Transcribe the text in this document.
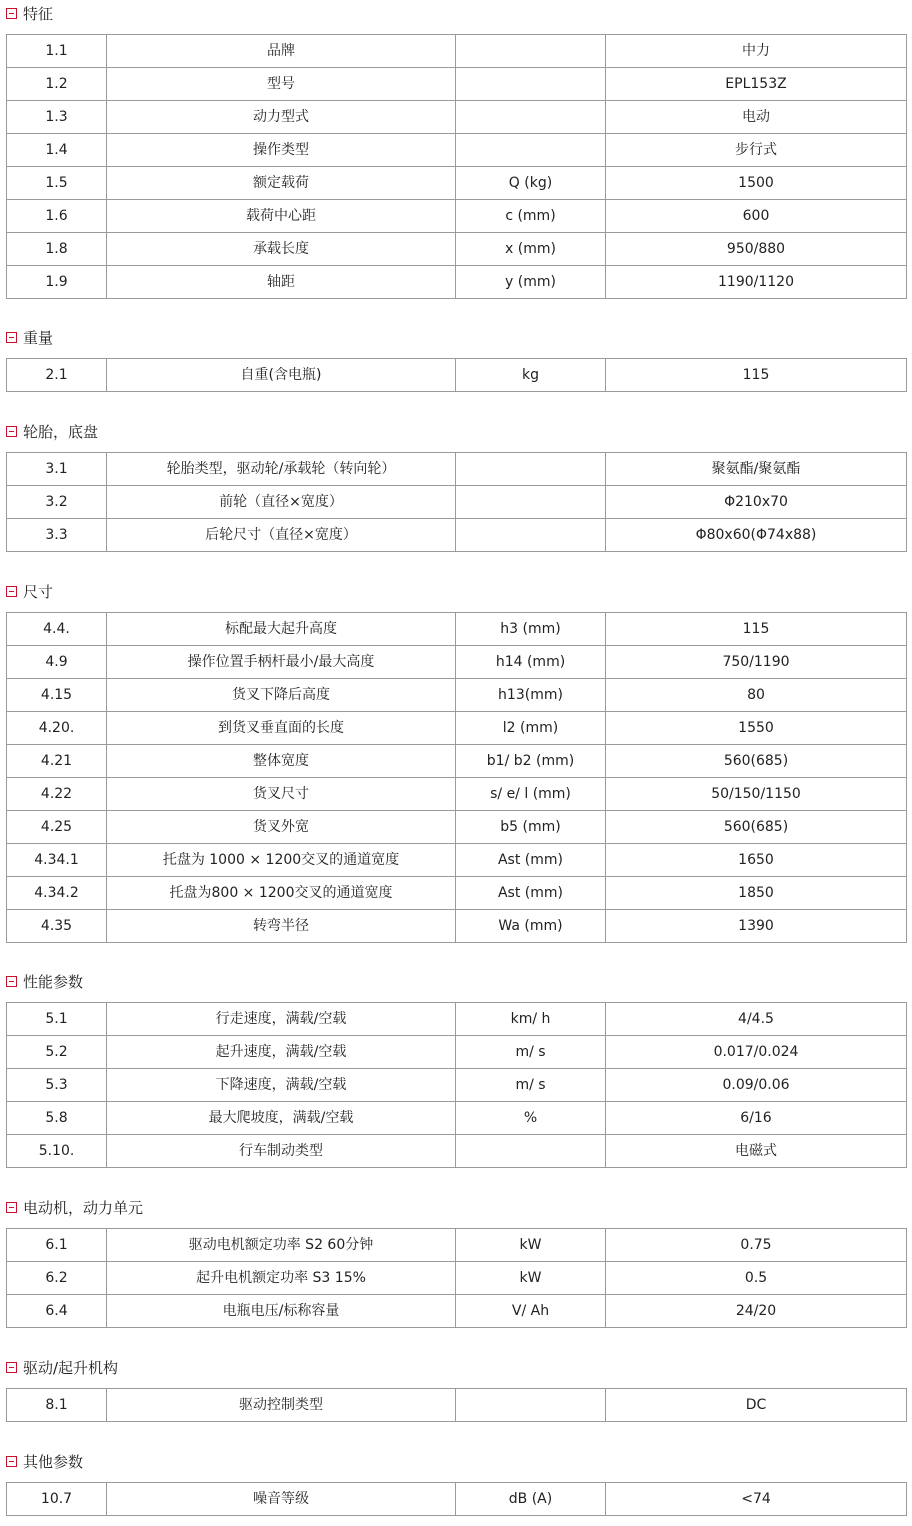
特征
1.1	品牌		中力
1.2	型号		EPL153Z
1.3	动力型式		电动
1.4	操作类型		步行式
1.5	额定载荷	Q (kg)	1500
1.6	载荷中心距	c (mm)	600
1.8	承载长度	x (mm)	950/880
1.9	轴距	y (mm)	1190/1120
重量
2.1	自重(含电瓶)	kg	115
轮胎，底盘
3.1	轮胎类型，驱动轮/承载轮（转向轮）		聚氨酯/聚氨酯
3.2	前轮（直径×宽度）		Φ210x70
3.3	后轮尺寸（直径×宽度）		Φ80x60(Φ74x88)
尺寸
4.4.	标配最大起升高度	h3 (mm)	115
4.9	操作位置手柄杆最小/最大高度	h14 (mm)	750/1190
4.15	货叉下降后高度	h13(mm)	80
4.20.	到货叉垂直面的长度	l2 (mm)	1550
4.21	整体宽度	b1/ b2 (mm)	560(685)
4.22	货叉尺寸	s/ e/ l (mm)	50/150/1150
4.25	货叉外宽	b5 (mm)	560(685)
4.34.1	托盘为 1000 × 1200交叉的通道宽度	Ast (mm)	1650
4.34.2	托盘为800 × 1200交叉的通道宽度	Ast (mm)	1850
4.35	转弯半径	Wa (mm)	1390
性能参数
5.1	行走速度，满载/空载	km/ h	4/4.5
5.2	起升速度，满载/空载	m/ s	0.017/0.024
5.3	下降速度，满载/空载	m/ s	0.09/0.06
5.8	最大爬坡度，满载/空载	%	6/16
5.10.	行车制动类型		电磁式
电动机，动力单元
6.1	驱动电机额定功率 S2 60分钟	kW	0.75
6.2	起升电机额定功率 S3 15%	kW	0.5
6.4	电瓶电压/标称容量	V/ Ah	24/20
驱动/起升机构
8.1	驱动控制类型		DC
其他参数
10.7	噪音等级	dB (A)	<74
